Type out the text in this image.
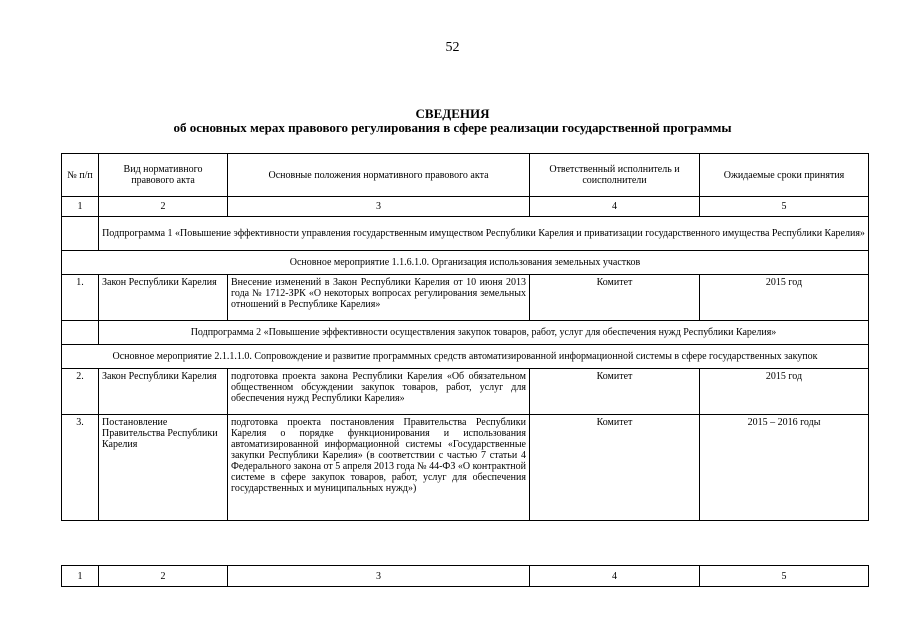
52
СВЕДЕНИЯ
об основных мерах правового регулирования в сфере реализации государственной программы
№ п/п	Вид нормативного правового акта	Основные положения нормативного правового акта	Ответственный исполнитель и соисполнители	Ожидаемые сроки принятия
1	2	3	4	5
	Подпрограмма 1 «Повышение эффективности управления государственным имуществом Республики Карелия и приватизации государственного имущества Республики Карелия»			
Основное мероприятие 1.1.6.1.0. Организация использования земельных участков				
1.	Закон Республики Карелия	Внесение изменений в Закон Республики Карелия от 10 июня 2013 года № 1712-ЗРК «О некоторых вопросах регулирования земельных отношений в Республике Карелия»	Комитет	2015 год
	Подпрограмма 2 «Повышение эффективности осуществления закупок товаров, работ, услуг для обеспечения нужд Республики Карелия»			
Основное мероприятие 2.1.1.1.0. Сопровождение и развитие программных средств автоматизированной информационной системы в сфере государственных закупок				
2.	Закон Республики Карелия	подготовка проекта закона Республики Карелия «Об обязательном общественном обсуждении закупок товаров, работ, услуг для обеспечения нужд Республики Карелия»	Комитет	2015 год
3.	Постановление Правительства Республики Карелия	подготовка проекта постановления Правительства Республики Карелия о порядке функционирования и использования автоматизированной информационной системы «Государственные закупки Республики Карелия» (в соответствии с частью 7 статьи 4 Федерального закона от 5 апреля 2013 года № 44-ФЗ «О контрактной системе в сфере закупок товаров, работ, услуг для обеспечения государственных и муниципальных нужд»)	Комитет	2015 – 2016 годы
1	2	3	4	5
